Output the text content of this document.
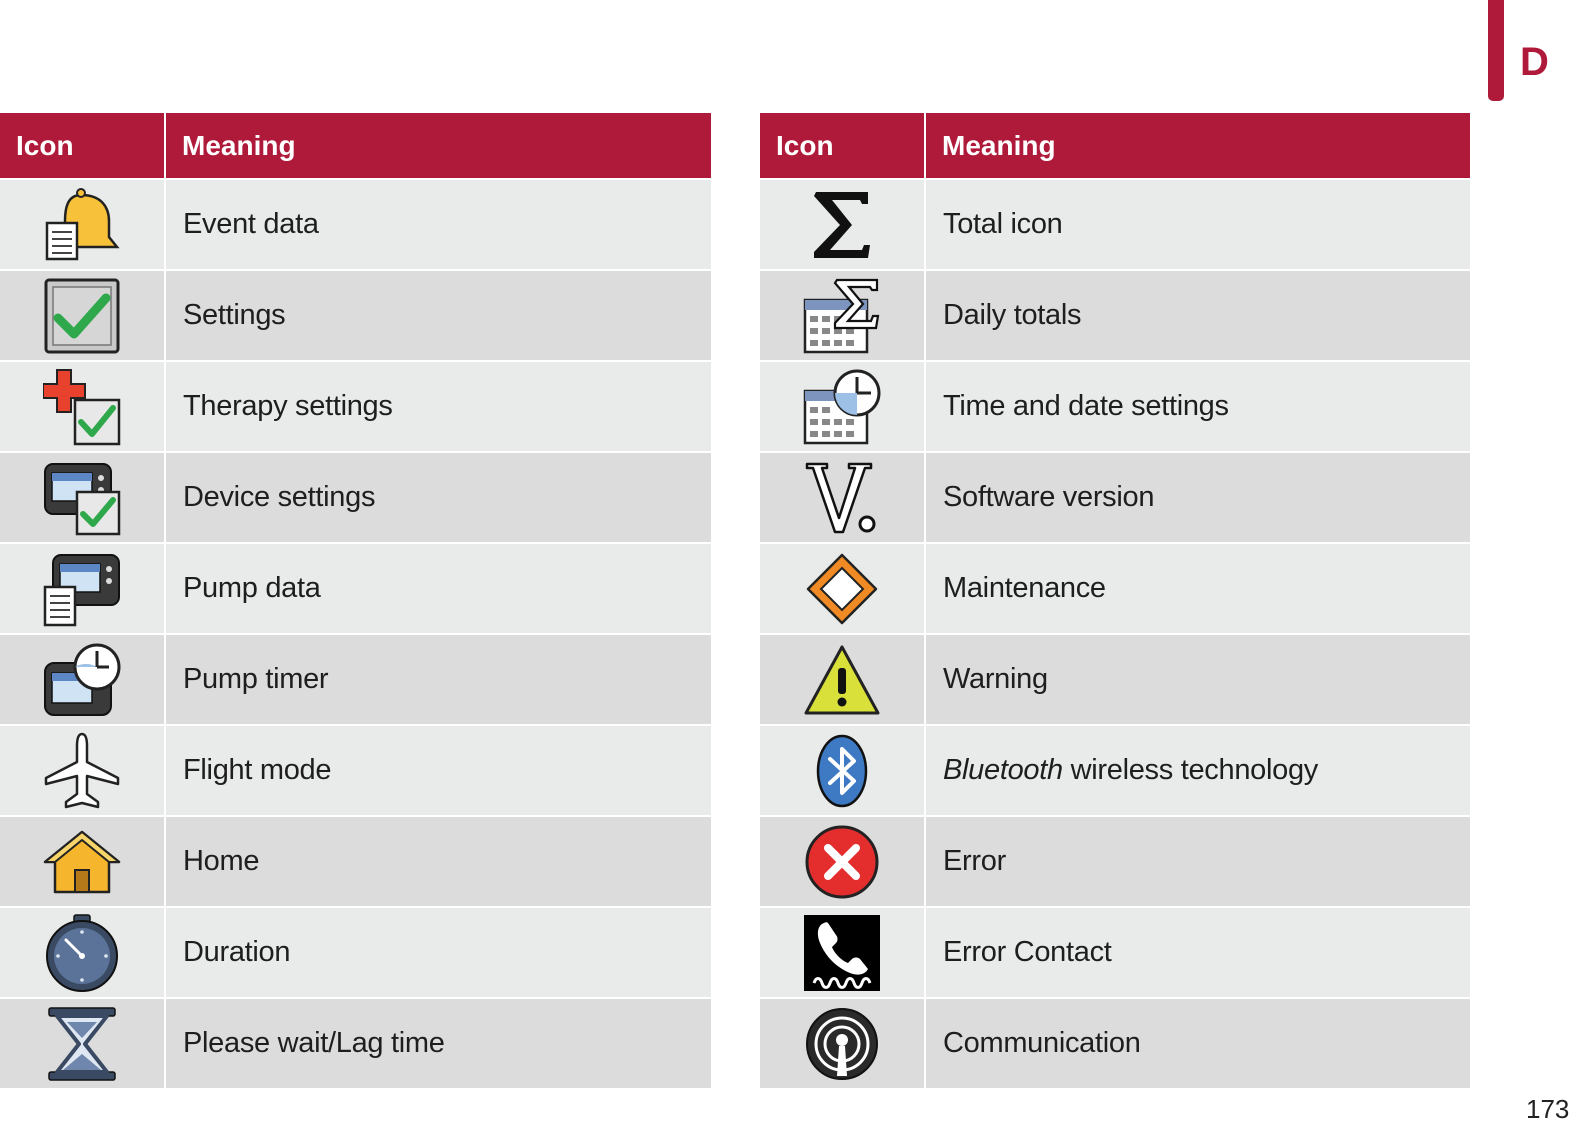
D
173
Icon	Meaning
	Event data
	Settings
	Therapy settings
	Device settings
	Pump data
	Pump timer
	Flight mode
	Home
	Duration
	Please wait/Lag time
Icon	Meaning
	Total icon
	Daily totals
	Time and date settings
	Software version
	Maintenance
	Warning
	Bluetooth wireless technology
	Error
	Error Contact
	Communication
